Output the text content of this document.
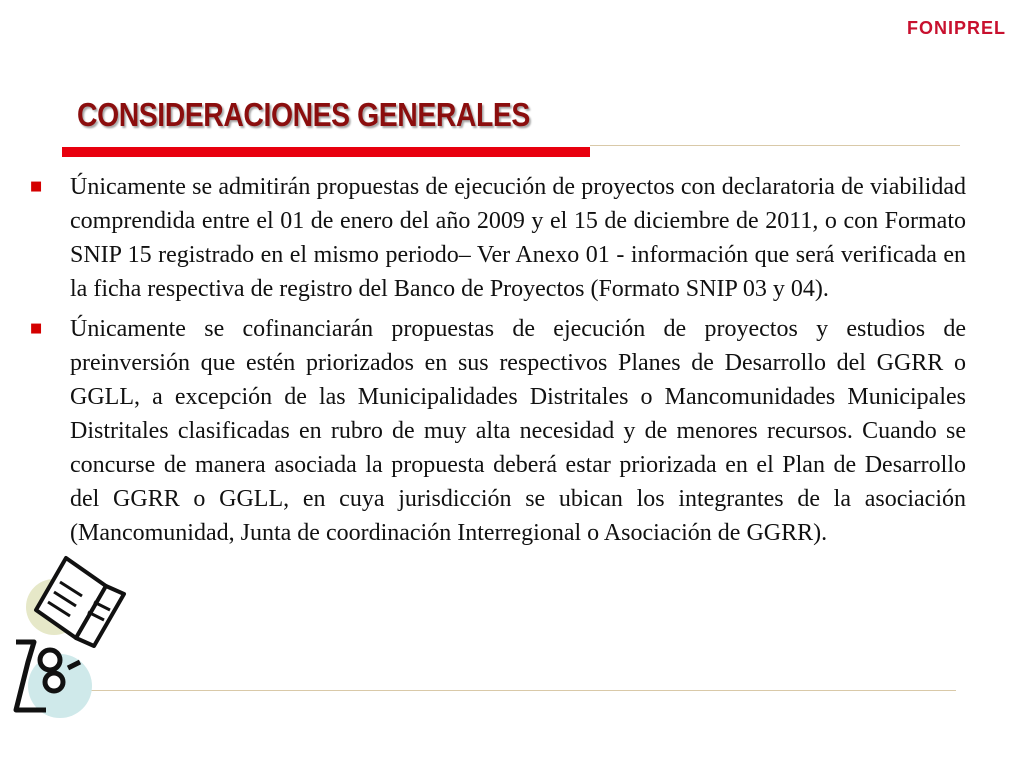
FONIPREL
CONSIDERACIONES GENERALES
■	Únicamente se admitirán propuestas de ejecución de proyectos con declaratoria de viabilidad comprendida entre el 01 de enero del año 2009 y el 15 de diciembre de 2011, o con Formato SNIP 15 registrado en el mismo periodo– Ver Anexo 01 - información que será verificada en la ficha respectiva de registro del Banco de Proyectos (Formato SNIP 03 y 04).
■	Únicamente se cofinanciarán propuestas de ejecución de proyectos y estudios de preinversión que estén priorizados en sus respectivos Planes de Desarrollo del GGRR o GGLL, a excepción de las Municipalidades Distritales o Mancomunidades Municipales Distritales clasificadas en rubro de muy alta necesidad y de menores recursos. Cuando se concurse de manera asociada la propuesta deberá estar priorizada en el Plan de Desarrollo del GGRR o GGLL, en cuya jurisdicción se ubican los integrantes de la asociación (Mancomunidad, Junta de coordinación Interregional o Asociación de GGRR).
